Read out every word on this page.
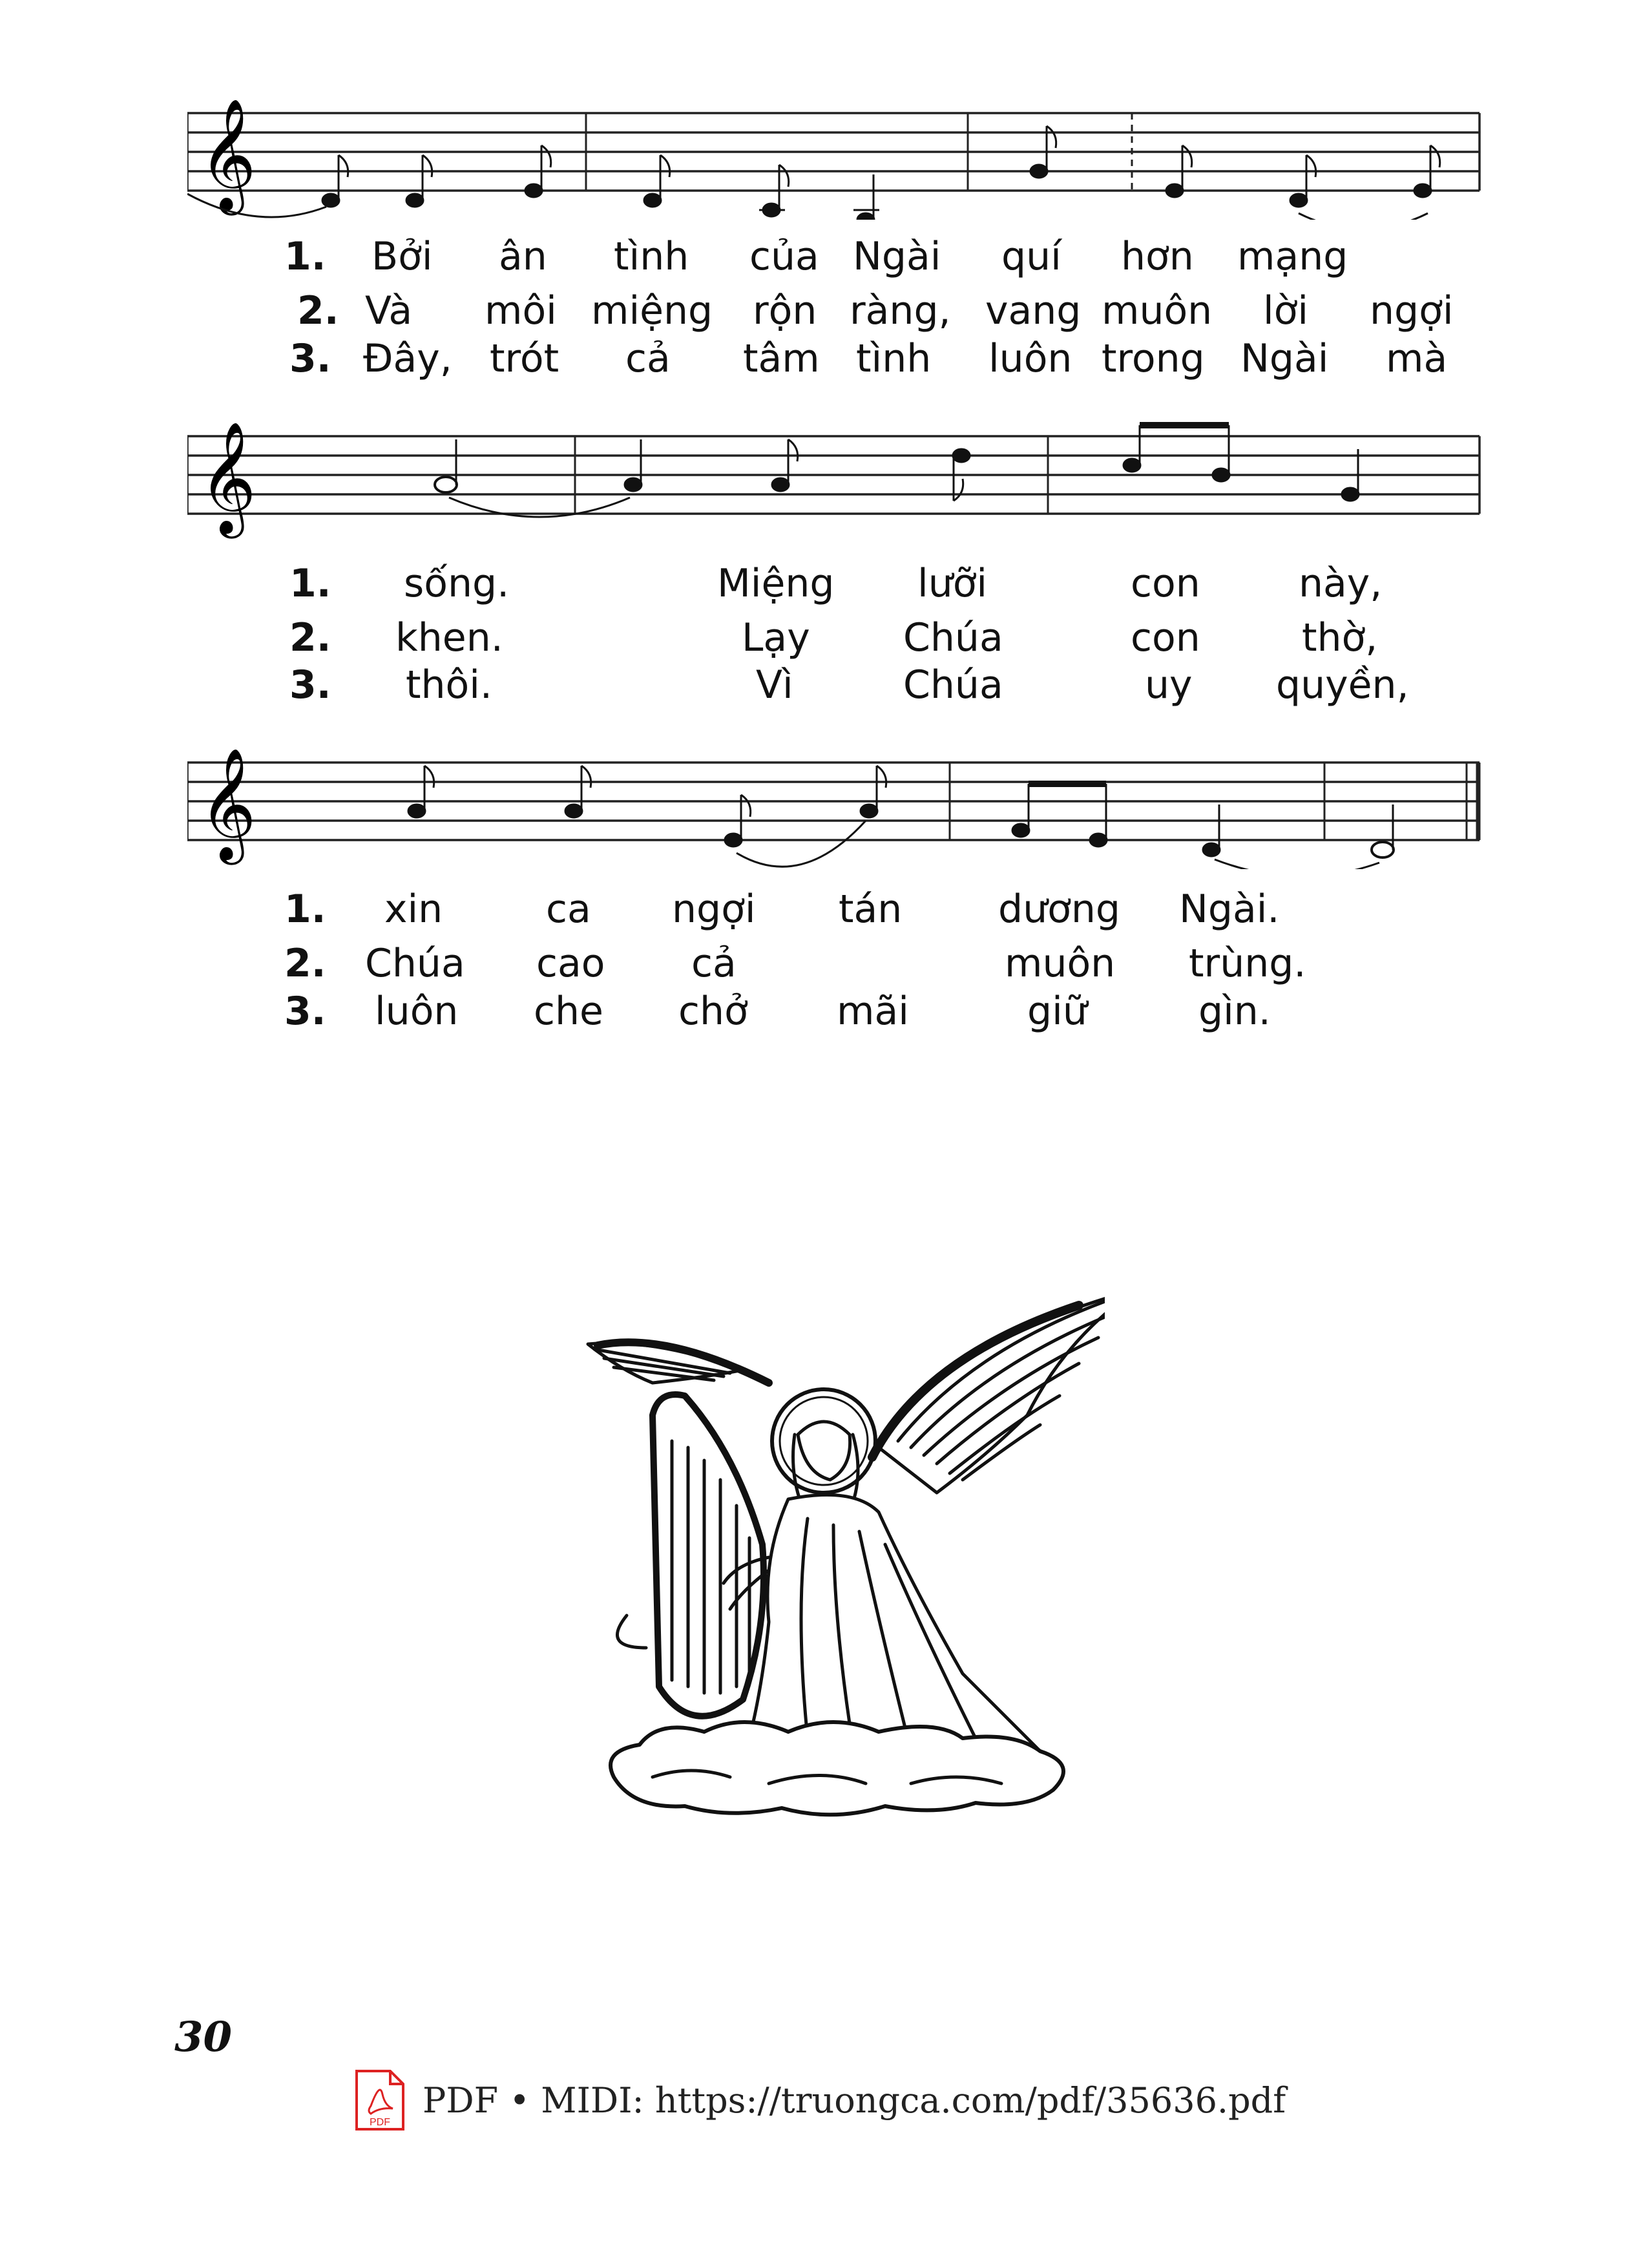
𝄞
1. Bởi ân tình của Ngài quí hơn mạng
2. Và môi miệng rộn ràng, vang muôn lời ngợi
3. Đây, trót cả tâm tình luôn trong Ngài mà
𝄞
1. sống.	Miệng lưỡi	con	này,
2. khen.	Lạy Chúa	con	thờ,
3. thôi.	Vì	Chúa	uy quyền,
𝄞
1. xin	ca ngợi tán dương Ngài.
2. Chúa cao cả	muôn trùng.
3. luôn che chở mãi	giữ	gìn.
30
PDF
PDF • MIDI: https://truongca.com/pdf/35636.pdf
